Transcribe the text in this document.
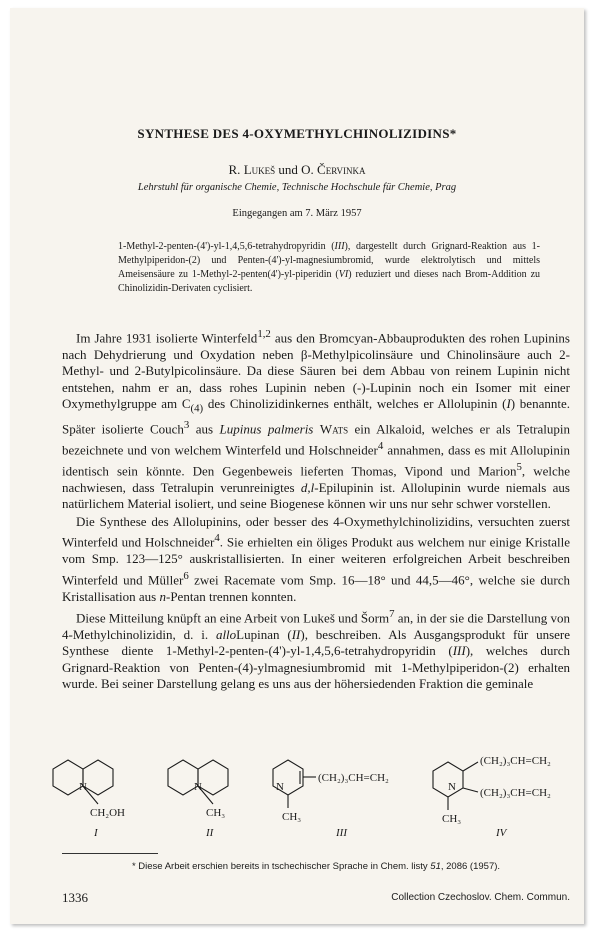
SYNTHESE DES 4-OXYMETHYLCHINOLIZIDINS*
R. Lukeš und O. Červinka
Lehrstuhl für organische Chemie, Technische Hochschule für Chemie, Prag
Eingegangen am 7. März 1957
1-Methyl-2-penten-(4')-yl-1,4,5,6-tetrahydropyridin (III), dargestellt durch Grignard-Reaktion aus 1-Methylpiperidon-(2) und Penten-(4')-yl-magnesiumbromid, wurde elektrolytisch und mittels Ameisensäure zu 1-Methyl-2-penten(4')-yl-piperidin (VI) reduziert und dieses nach Brom-Addition zu Chinolizidin-Derivaten cyclisiert.

Im Jahre 1931 isolierte Winterfeld$^{1,2}$ aus den Bromcyan-Abbauprodukten des rohen Lupinins nach Dehydrierung und Oxydation neben β-Methylpicolinsäure und Chinolinsäure auch 2-Methyl- und 2-Butylpicolinsäure. Da diese Säuren bei dem Abbau von reinem Lupinin nicht entstehen, nahm er an, dass rohes Lupinin neben (-)-Lupinin noch ein Isomer mit einer Oxymethylgruppe am $C_{(4)}$ des Chinolizidinkernes enthält, welches er Allolupinin (I) benannte. Später isolierte Couch$^3$ aus Lupinus palmeris Wats ein Alkaloid, welches er als Tetralupin bezeichnete und von welchem Winterfeld und Holschneider$^4$ annahmen, dass es mit Allolupinin identisch sein könnte. Den Gegenbeweis lieferten Thomas, Vipond und Marion$^5$, welche nachwiesen, dass Tetralupin verunreinigtes d,l-Epilupinin ist. Allolupinin wurde niemals aus natürlichem Material isoliert, und seine Biogenese können wir uns nur sehr schwer vorstellen.

Die Synthese des Allolupinins, oder besser des 4-Oxymethylchinolizidins, versuchten zuerst Winterfeld und Holschneider$^4$. Sie erhielten ein öliges Produkt aus welchem nur einige Kristalle vom Smp. 123—125° auskristallisierten. In einer weiteren erfolgreichen Arbeit beschreiben Winterfeld und Müller$^6$ zwei Racemate vom Smp. 16—18° und 44,5—46°, welche sie durch Kristallisation aus n-Pentan trennen konnten.

Diese Mitteilung knüpft an eine Arbeit von Lukeš und Šorm$^7$ an, in der sie die Darstellung von 4-Methylchinolizidin, d. i. alloLupinan (II), beschreiben. Als Ausgangsprodukt für unsere Synthese diente 1-Methyl-2-penten-(4')-yl-1,4,5,6-tetrahydropyridin (III), welches durch Grignard-Reaktion von Penten-(4)-ylmagnesiumbromid mit 1-Methylpiperidon-(2) erhalten wurde. Bei seiner Darstellung gelang es uns aus der höhersiedenden Fraktion die geminale

N
CH₂OH
N
CH₃
N
(CH₂)₃CH=CH₂
CH₃
N
(CH₂)₃CH=CH₂
(CH₂)₃CH=CH₂
CH₃
I	II	III	IV
* Diese Arbeit erschien bereits in tschechischer Sprache in Chem. listy 51, 2086 (1957).
1336	Collection Czechoslov. Chem. Commun.
